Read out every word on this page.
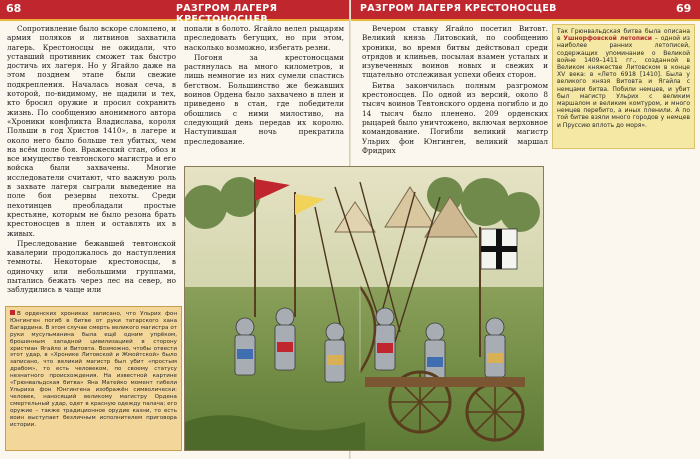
68	РАЗГРОМ ЛАГЕРЯ КРЕСТОНОСЦЕВ

Сопротивление было вскоре сломлено, и армия поляков и литвинов захватила лагерь. Крестоносцы не ожидали, что уставший противник сможет так быстро достичь их лагеря. Но у Ягайло даже на этом позднем этапе были свежие подкрепления. Началась новая сеча, в которой, по-видимому, не щадили и тех, кто бросил оружие и просил сохранить жизнь. По сообщению анонимного автора «Хроники конфликта Владислава, короля Польши в год Христов 1410», в лагере и около него было больше тел убитых, чем на всём поле боя. Вражеский стан, обоз и все имущество тевтонского магистра и его войска были захвачены. Многие исследователи считают, что важную роль в захвате лагеря сыграли выведение на поле боя резервы пехоты. Среди пехотинцев преобладали простые крестьяне, которым не было резона брать крестоносцев в плен и оставлять их в живых.

Преследование бежавшей тевтонской кавалерии продолжалось до наступления темноты. Некоторые крестоносцы, в одиночку или небольшими группами, пытались бежать через лес на север, но заблудились в чаще или

попали в болото. Ягайло велел рыцарям преследовать бегущих, но при этом, насколько возможно, избегать резни.

Погоня за крестоносцами растянулась на много километров, и лишь немногие из них сумели спастись бегством. Большинство же бежавших воинов Ордена было захвачено в плен и приведено в стан, где победители обошлись с ними милостиво, на следующий день передав их королю. Наступившая ночь прекратила преследование.

В орденских хрониках записано, что Ульрих фон Юнгинген погиб в битве от руки татарского хана Багардина. В этом случае смерть великого магистра от руки мусульманина была ещё одним упрёком, брошенным западной цивилизацией в сторону христиан Ягайло и Витовта. Возможно, чтобы отвести этот удар, в «Хронике Литовской и Жмойтской» было записано, что великий магистр был убит «простым драбом», то есть человеком, по своему статусу незнатного происхождения. На известной картине «Грюнвальдская битва» Яна Матейко момент гибели Ульриха фон Юнгингена изображён символически: человек, наносящий великому магистру Ордена смертельный удар, одет в красную одежду палача; его оружие – также традиционное орудие казни, то есть воин выступает безличным исполнителем приговора истории.
РАЗГРОМ ЛАГЕРЯ КРЕСТОНОСЦЕВ	69

Вечером ставку Ягайло посетил Витовт. Великий князь Литовский, по сообщению хроники, во время битвы действовал среди отрядов и клиньев, посылая взамен усталых и изувеченных воинов новых и свежих и тщательно отслеживая успехи обеих сторон.

Битва закончилась полным разгромом крестоносцев. По одной из версий, около 8 тысяч воинов Тевтонского ордена погибло и до 14 тысяч было пленено. 209 орденских рыцарей было уничтожено, включая верховное командование. Погибли великий магистр Ульрих фон Юнгинген, великий маршал Фридрих

Так Грюнвальдская битва была описана в Ушнорфовской летописи – одной из наиболее ранних летописей, содержащих упоминание о Великой войне 1409–1411 гг., созданной в Великом княжестве Литовском в конце XV века: в «Лето 6918 [1410]. Была у великого князя Витовта и Ягайла с немцами битва. Побили немцев, и убит был магистр Ульрих с великим маршалом и великим комтуром, и много немцев перебито, а иных пленили. А по той битве взяли много городов у немцев и Пруссию вплоть до моря».
